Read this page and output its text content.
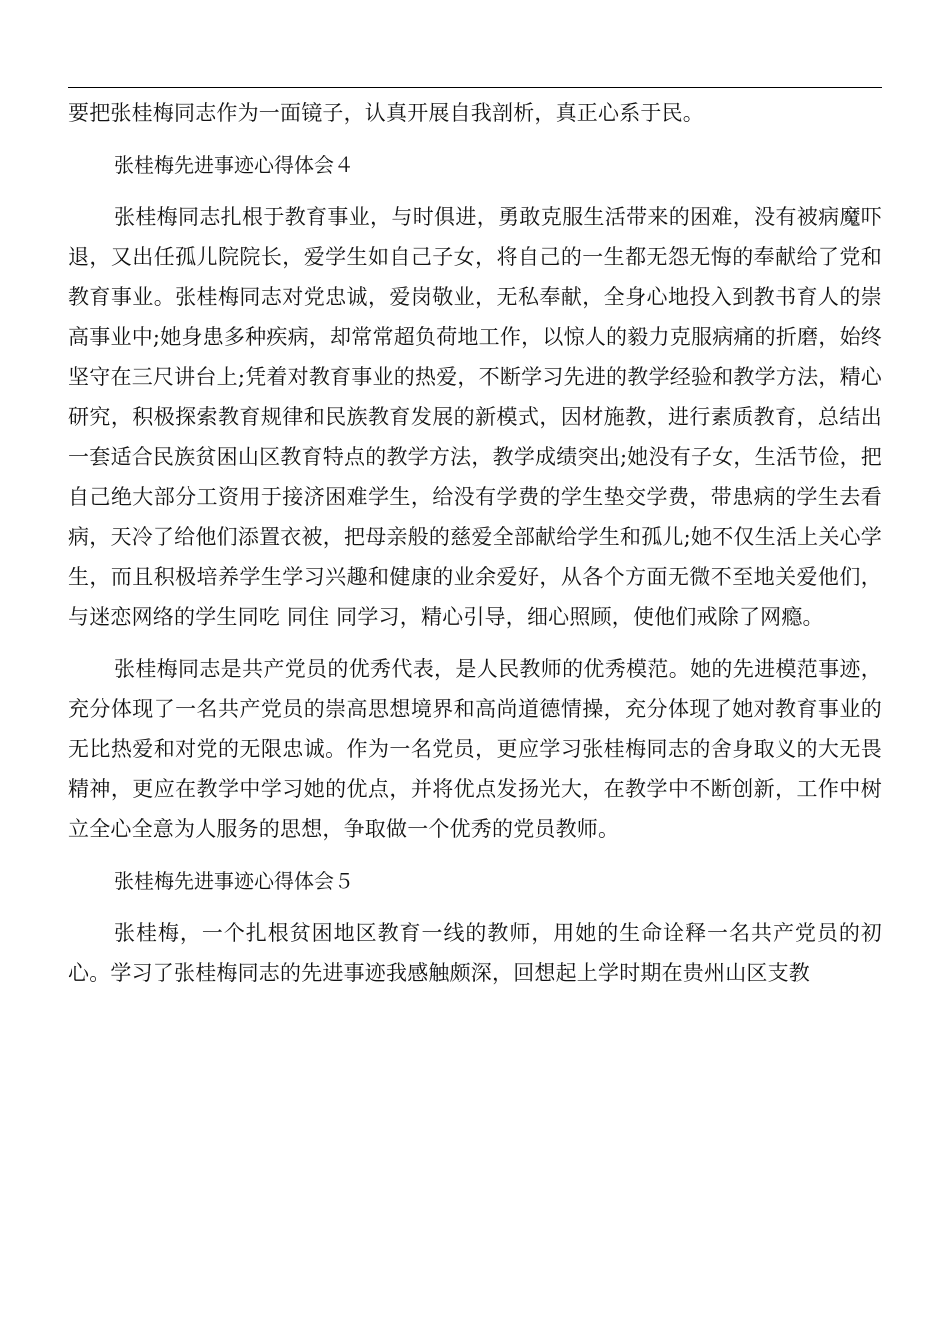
要把张桂梅同志作为一面镜子，认真开展自我剖析，真正心系于民。

张桂梅先进事迹心得体会４

张桂梅同志扎根于教育事业，与时俱进，勇敢克服生活带来的困难，没有被病魔吓退，又出任孤儿院院长，爱学生如自己子女，将自己的一生都无怨无悔的奉献给了党和教育事业。张桂梅同志对党忠诚，爱岗敬业，无私奉献，全身心地投入到教书育人的崇高事业中;她身患多种疾病，却常常超负荷地工作，以惊人的毅力克服病痛的折磨，始终坚守在三尺讲台上;凭着对教育事业的热爱，不断学习先进的教学经验和教学方法，精心研究，积极探索教育规律和民族教育发展的新模式，因材施教，进行素质教育，总结出一套适合民族贫困山区教育特点的教学方法，教学成绩突出;她没有子女，生活节俭，把自己绝大部分工资用于接济困难学生，给没有学费的学生垫交学费，带患病的学生去看病，天冷了给他们添置衣被，把母亲般的慈爱全部献给学生和孤儿;她不仅生活上关心学生，而且积极培养学生学习兴趣和健康的业余爱好，从各个方面无微不至地关爱他们，与迷恋网络的学生同吃 同住 同学习，精心引导，细心照顾，使他们戒除了网瘾。

张桂梅同志是共产党员的优秀代表，是人民教师的优秀模范。她的先进模范事迹，充分体现了一名共产党员的崇高思想境界和高尚道德情操，充分体现了她对教育事业的无比热爱和对党的无限忠诚。作为一名党员，更应学习张桂梅同志的舍身取义的大无畏精神，更应在教学中学习她的优点，并将优点发扬光大，在教学中不断创新，工作中树立全心全意为人服务的思想，争取做一个优秀的党员教师。

张桂梅先进事迹心得体会５

张桂梅，一个扎根贫困地区教育一线的教师，用她的生命诠释一名共产党员的初心。学习了张桂梅同志的先进事迹我感触颇深，回想起上学时期在贵州山区支教
